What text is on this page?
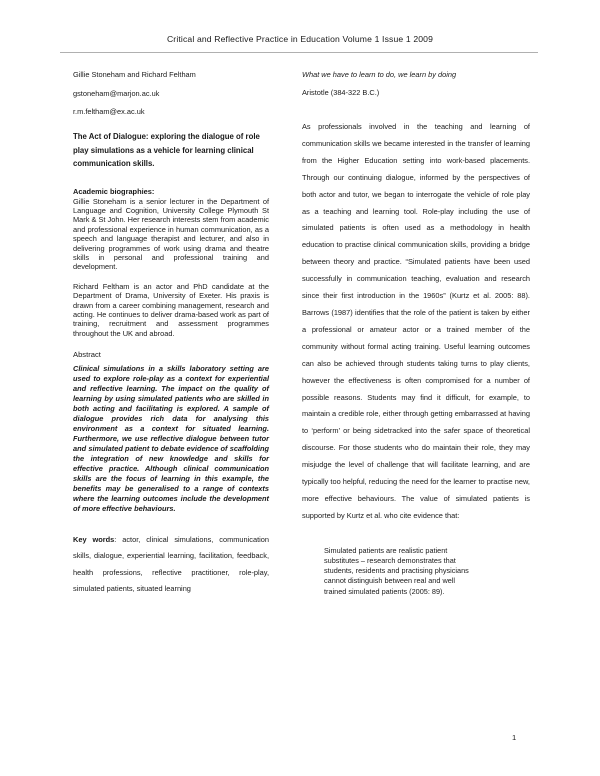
Critical and Reflective Practice in Education Volume 1 Issue 1 2009
Gillie Stoneham and Richard Feltham
gstoneham@marjon.ac.uk
r.m.feltham@ex.ac.uk
The Act of Dialogue: exploring the dialogue of role play simulations as a vehicle for learning clinical communication skills.
Academic biographies:
Gillie Stoneham is a senior lecturer in the Department of Language and Cognition, University College Plymouth St Mark & St John. Her research interests stem from academic and professional experience in human communication, as a speech and language therapist and lecturer, and also in delivering programmes of work using drama and theatre skills in personal and professional training and development.
Richard Feltham is an actor and PhD candidate at the Department of Drama, University of Exeter. His praxis is drawn from a career combining management, research and acting. He continues to deliver drama-based work as part of training, recruitment and assessment programmes throughout the UK and abroad.
Abstract
Clinical simulations in a skills laboratory setting are used to explore role-play as a context for experiential and reflective learning. The impact on the quality of learning by using simulated patients who are skilled in both acting and facilitating is explored. A sample of dialogue provides rich data for analysing this environment as a context for situated learning. Furthermore, we use reflective dialogue between tutor and simulated patient to debate evidence of scaffolding the integration of new knowledge and skills for effective practice. Although clinical communication skills are the focus of learning in this example, the benefits may be generalised to a range of contexts where the learning outcomes include the development of more effective behaviours.
Key words: actor, clinical simulations, communication skills, dialogue, experiential learning, facilitation, feedback, health professions, reflective practitioner, role-play, simulated patients, situated learning
What we have to learn to do, we learn by doing
Aristotle (384-322 B.C.)
As professionals involved in the teaching and learning of communication skills we became interested in the transfer of learning from the Higher Education setting into work-based placements. Through our continuing dialogue, informed by the perspectives of both actor and tutor, we began to interrogate the vehicle of role play as a teaching and learning tool. Role-play including the use of simulated patients is often used as a methodology in health education to practise clinical communication skills, providing a bridge between theory and practice. “Simulated patients have been used successfully in communication teaching, evaluation and research since their first introduction in the 1960s” (Kurtz et al. 2005: 88). Barrows (1987) identifies that the role of the patient is taken by either a professional or amateur actor or a trained member of the community without formal acting training. Useful learning outcomes can also be achieved through students taking turns to play clients, however the effectiveness is often compromised for a number of possible reasons. Students may find it difficult, for example, to maintain a credible role, either through getting embarrassed at having to ‘perform’ or being sidetracked into the safer space of theoretical discourse. For those students who do maintain their role, they may misjudge the level of challenge that will facilitate learning, and are typically too helpful, reducing the need for the learner to practise new, more effective behaviours. The value of simulated patients is supported by Kurtz et al. who cite evidence that:
Simulated patients are realistic patient substitutes – research demonstrates that students, residents and practising physicians cannot distinguish between real and well trained simulated patients (2005: 89).
1
